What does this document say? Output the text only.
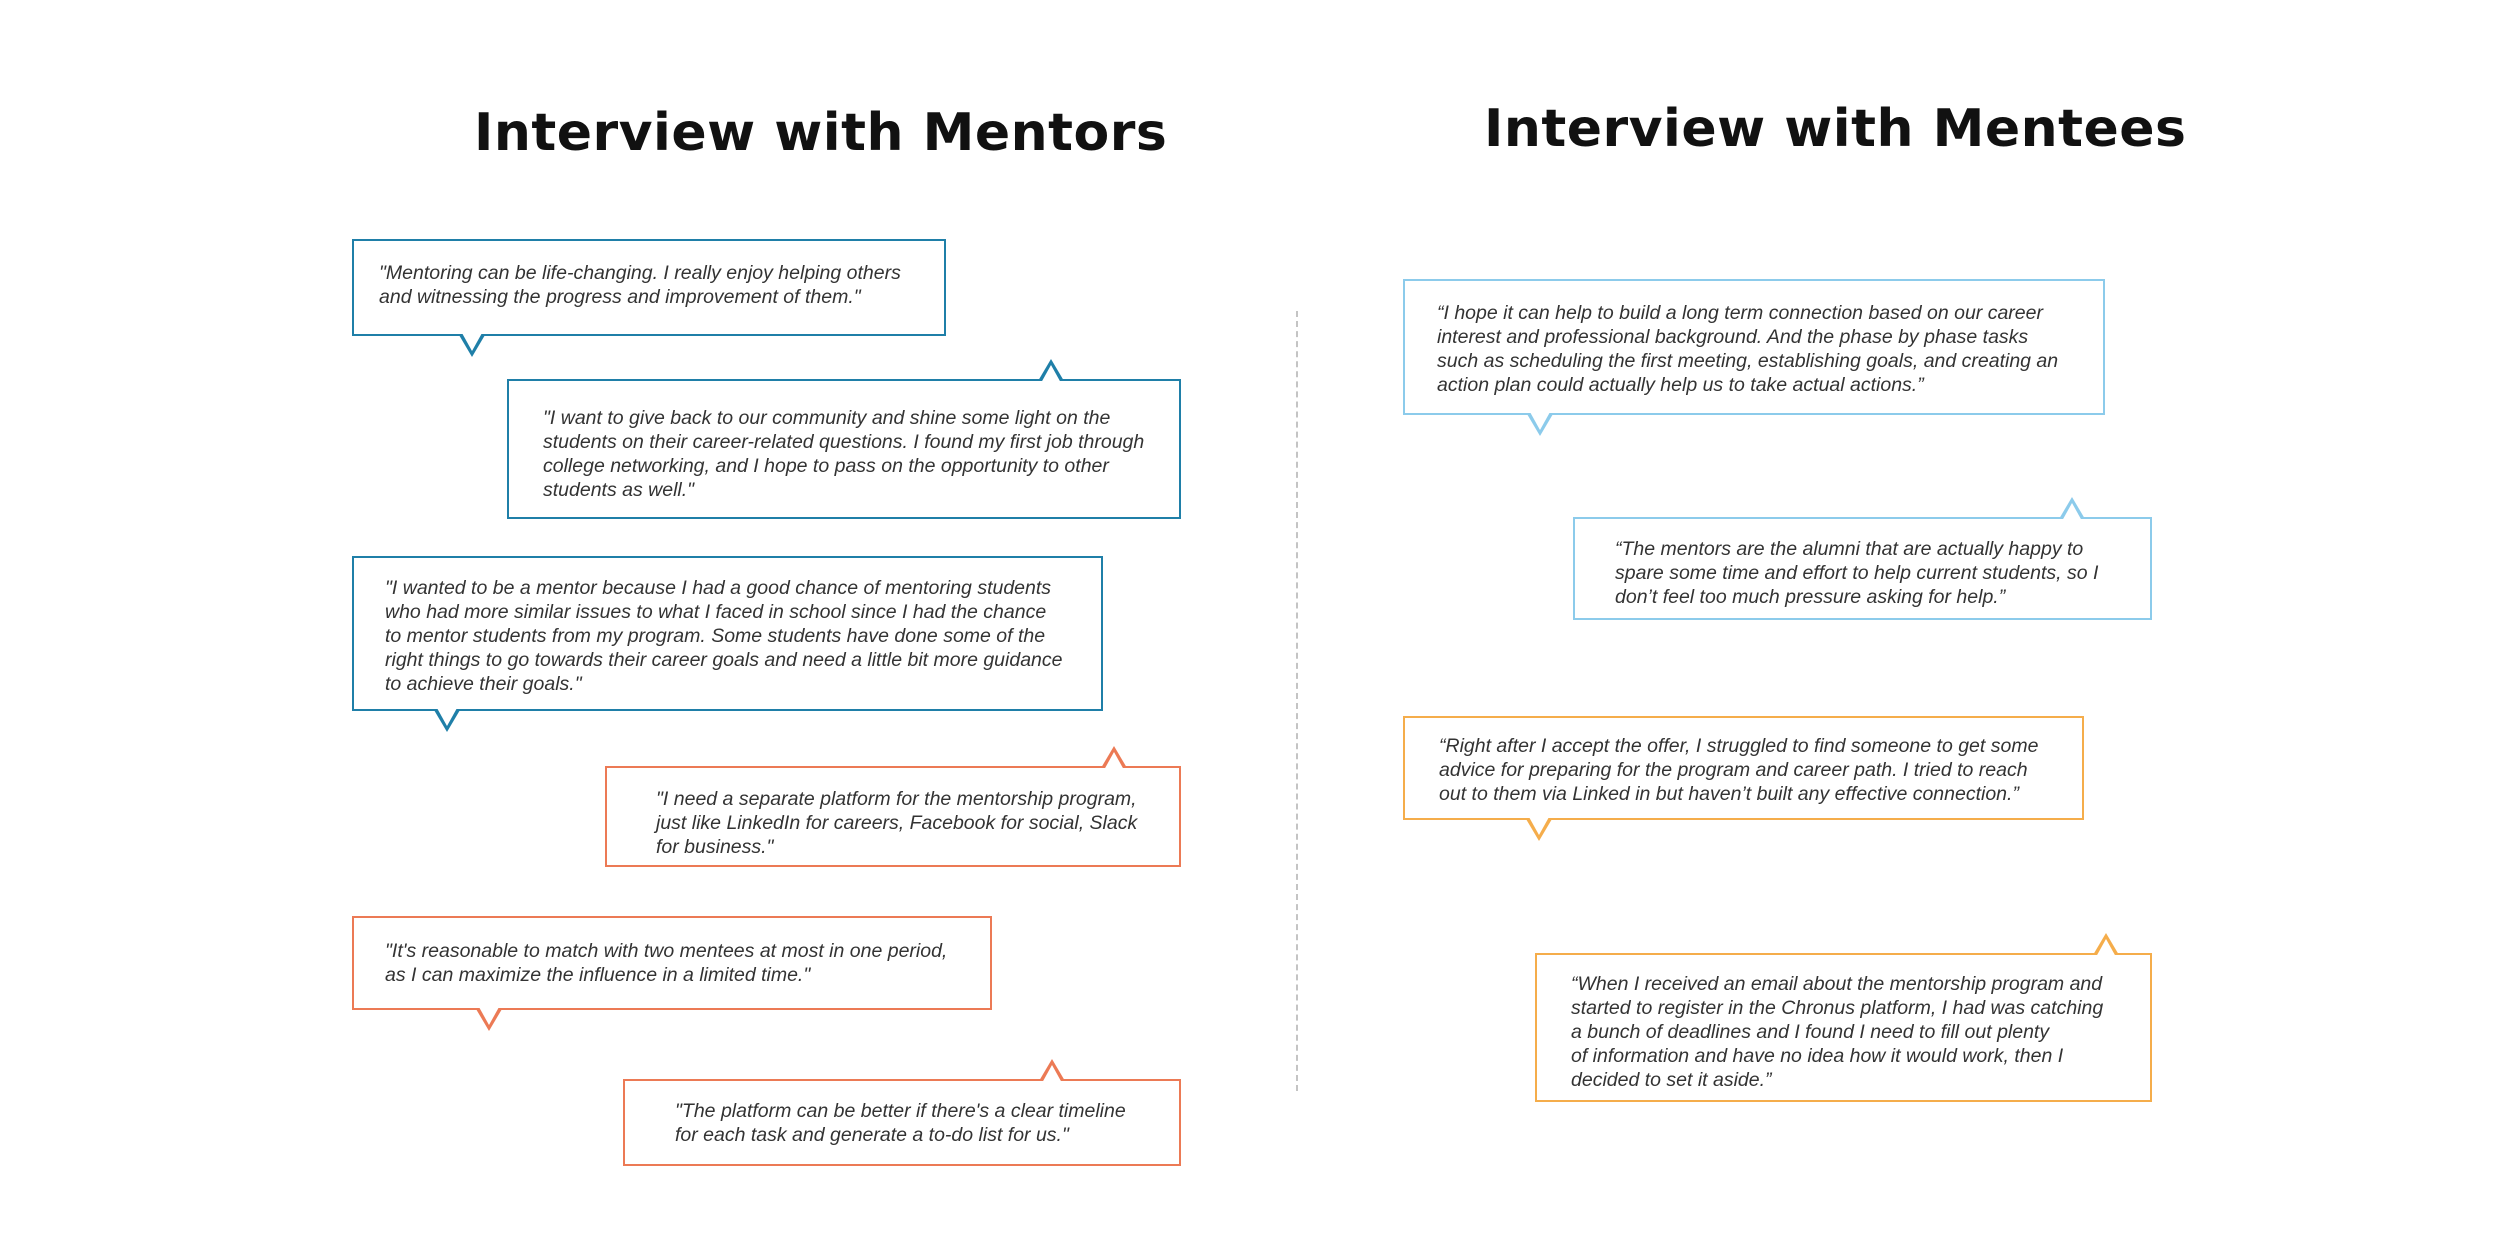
Interview with Mentors	Interview with Mentees
"Mentoring can be life-changing. I really enjoy helping others
and witnessing the progress and improvement of them."
"I want to give back to our community and shine some light on the
students on their career-related questions. I found my first job through
college networking, and I hope to pass on the opportunity to other
students as well."
"I wanted to be a mentor because I had a good chance of mentoring students
who had more similar issues to what I faced in school since I had the chance
to mentor students from my program. Some students have done some of the
right things to go towards their career goals and need a little bit more guidance
to achieve their goals."
"I need a separate platform for the mentorship program,
just like LinkedIn for careers, Facebook for social, Slack
for business."
"It's reasonable to match with two mentees at most in one period,
as I can maximize the influence in a limited time."
"The platform can be better if there's a clear timeline
for each task and generate a to-do list for us."
“I hope it can help to build a long term connection based on our career
interest and professional background. And the phase by phase tasks
such as scheduling the first meeting, establishing goals, and creating an
action plan could actually help us to take actual actions.”
“The mentors are the alumni that are actually happy to
spare some time and effort to help current students, so I
don’t feel too much pressure asking for help.”
“Right after I accept the offer, I struggled to find someone to get some
advice for preparing for the program and career path. I tried to reach
out to them via Linked in but haven’t built any effective connection.”
“When I received an email about the mentorship program and
started to register in the Chronus platform, I had was catching
a bunch of deadlines and I found I need to fill out plenty
of information and have no idea how it would work, then I
decided to set it aside.”
